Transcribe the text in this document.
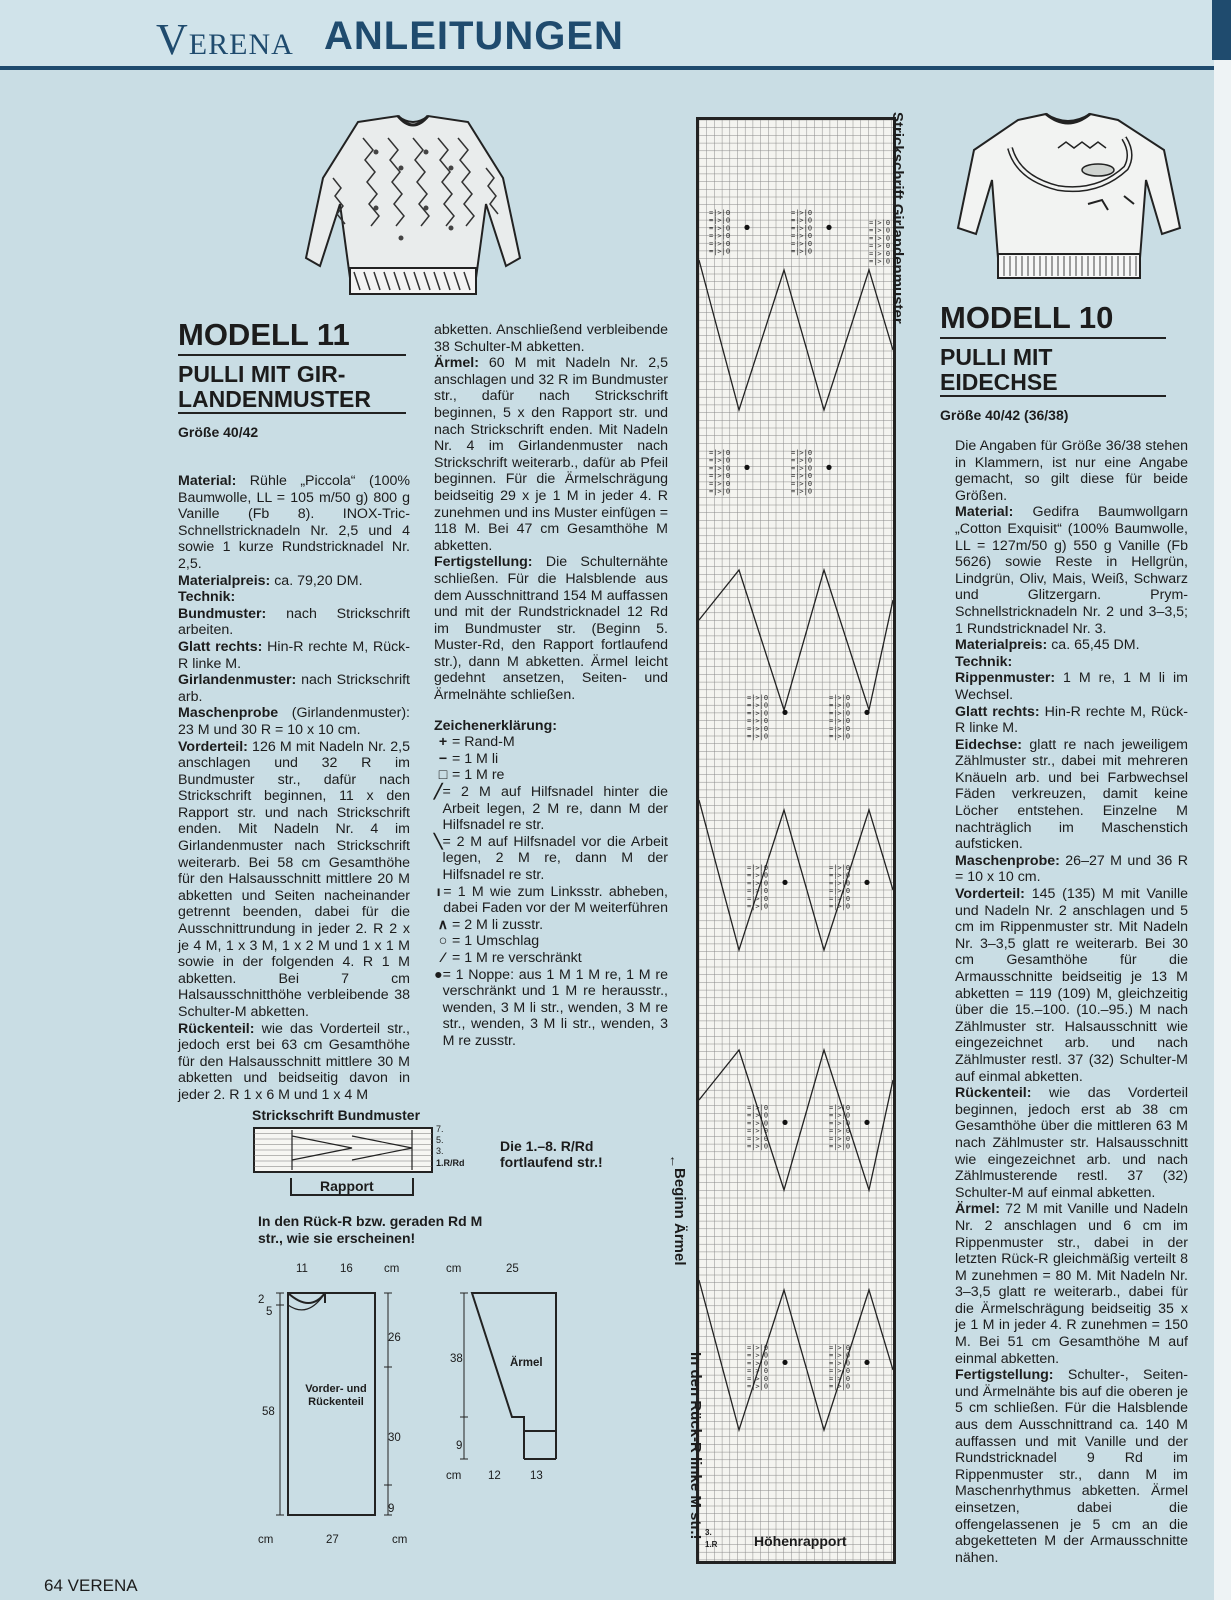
VERENA ANLEITUNGEN
MODELL 11
PULLI MIT GIR-
LANDENMUSTER
Größe 40/42

Material: Rühle „Piccola“ (100% Baumwolle, LL = 105 m/50 g) 800 g Vanille (Fb 8). INOX-Tric-Schnellstricknadeln Nr. 2,5 und 4 sowie 1 kurze Rundstricknadel Nr. 2,5.

Materialpreis: ca. 79,20 DM.

Technik:

Bundmuster: nach Strickschrift arbeiten.

Glatt rechts: Hin-R rechte M, Rück-R linke M.

Girlandenmuster: nach Strickschrift arb.

Maschenprobe (Girlandenmuster): 23 M und 30 R = 10 x 10 cm.

Vorderteil: 126 M mit Nadeln Nr. 2,5 anschlagen und 32 R im Bundmuster str., dafür nach Strickschrift beginnen, 11 x den Rapport str. und nach Strickschrift enden. Mit Nadeln Nr. 4 im Girlandenmuster nach Strickschrift weiterarb. Bei 58 cm Gesamthöhe für den Halsausschnitt mittlere 20 M abketten und Seiten nacheinander getrennt beenden, dabei für die Ausschnittrundung in jeder 2. R 2 x je 4 M, 1 x 3 M, 1 x 2 M und 1 x 1 M sowie in der folgenden 4. R 1 M abketten. Bei 7 cm Halsausschnitthöhe verbleibende 38 Schulter-M abketten.

Rückenteil: wie das Vorderteil str., jedoch erst bei 63 cm Gesamthöhe für den Halsausschnitt mittlere 30 M abketten und beidseitig davon in jeder 2. R 1 x 6 M und 1 x 4 M

abketten. Anschließend verbleibende 38 Schulter-M abketten.

Ärmel: 60 M mit Nadeln Nr. 2,5 anschlagen und 32 R im Bundmuster str., dafür nach Strickschrift beginnen, 5 x den Rapport str. und nach Strickschrift enden. Mit Nadeln Nr. 4 im Girlandenmuster nach Strickschrift weiterarb., dafür ab Pfeil beginnen. Für die Ärmelschrägung beidseitig 29 x je 1 M in jeder 4. R zunehmen und ins Muster einfügen = 118 M. Bei 47 cm Gesamthöhe M abketten.

Fertigstellung: Die Schulternähte schließen. Für die Halsblende aus dem Ausschnittrand 154 M auffassen und mit der Rundstricknadel 12 Rd im Bundmuster str. (Beginn 5. Muster-Rd, den Rapport fortlaufend str.), dann M abketten. Ärmel leicht gedehnt ansetzen, Seiten- und Ärmelnähte schließen.

Zeichenerklärung:

+ = Rand-M
− = 1 M li
□ = 1 M re
╱ = 2 M auf Hilfsnadel hinter die Arbeit legen, 2 M re, dann M der Hilfsnadel re str.
╲ = 2 M auf Hilfsnadel vor die Arbeit legen, 2 M re, dann M der Hilfsnadel re str.
ı = 1 M wie zum Linksstr. abheben, dabei Faden vor der M weiterführen
∧ = 2 M li zusstr.
○ = 1 Umschlag
⁄ = 1 M re verschränkt
● = 1 Noppe: aus 1 M 1 M re, 1 M re verschränkt und 1 M re herausstr., wenden, 3 M li str., wenden, 3 M re str., wenden, 3 M li str., wenden, 3 M re zusstr.
Strickschrift Bundmuster
7.
5.
3.
1.R/Rd
Rapport
Die 1.–8. R/Rd fortlaufend str.!
In den Rück-R bzw. geraden Rd M str., wie sie erscheinen!
11	16	cm
2
5
58
26
30
9
Vorder- und Rückenteil
cm	27	cm
cm	25
38
9
Ärmel
cm 12	13
=|>|0
=|>|0
=|>|0
=|>|0
=|>|0
=|>|0
=|>|0
=|>|0
=|>|0
=|>|0
=|>|0
=|>|0
=|>|0
=|>|0
=|>|0
=|>|0
=|>|0
=|>|0
=|>|0
=|>|0
=|>|0
=|>|0
=|>|0
=|>|0
=|>|0
=|>|0
=|>|0
=|>|0
=|>|0
=|>|0
=|>|0
=|>|0
=|>|0
=|>|0
=|>|0
=|>|0
=|>|0
=|>|0
=|>|0
=|>|0
=|>|0
=|>|0
=|>|0
=|>|0
=|>|0
=|>|0
=|>|0
=|>|0
=|>|0
=|>|0
=|>|0
=|>|0
=|>|0
=|>|0
=|>|0
=|>|0
=|>|0
=|>|0
=|>|0
=|>|0
=|>|0
=|>|0
=|>|0
=|>|0
=|>|0
=|>|0
=|>|0
=|>|0
=|>|0
=|>|0
=|>|0
=|>|0
=|>|0
=|>|0
=|>|0
=|>|0
=|>|0
=|>|0
Strickschrift Girlandenmuster
Beginn Ärmel
↑
In den Rück-R linke M str.!
Höhenrapport
3.
1.R
MODELL 10
PULLI MIT
EIDECHSE
Größe 40/42 (36/38)

Die Angaben für Größe 36/38 stehen in Klammern, ist nur eine Angabe gemacht, so gilt diese für beide Größen.

Material: Gedifra Baumwollgarn „Cotton Exquisit“ (100% Baumwolle, LL = 127m/50 g) 550 g Vanille (Fb 5626) sowie Reste in Hellgrün, Lindgrün, Oliv, Mais, Weiß, Schwarz und Glitzergarn. Prym-Schnellstricknadeln Nr. 2 und 3–3,5; 1 Rundstricknadel Nr. 3.

Materialpreis: ca. 65,45 DM.

Technik:

Rippenmuster: 1 M re, 1 M li im Wechsel.

Glatt rechts: Hin-R rechte M, Rück-R linke M.

Eidechse: glatt re nach jeweiligem Zählmuster str., dabei mit mehreren Knäueln arb. und bei Farbwechsel Fäden verkreuzen, damit keine Löcher entstehen. Einzelne M nachträglich im Maschenstich aufsticken.

Maschenprobe: 26–27 M und 36 R = 10 x 10 cm.

Vorderteil: 145 (135) M mit Vanille und Nadeln Nr. 2 anschlagen und 5 cm im Rippenmuster str. Mit Nadeln Nr. 3–3,5 glatt re weiterarb. Bei 30 cm Gesamthöhe für die Armausschnitte beidseitig je 13 M abketten = 119 (109) M, gleichzeitig über die 15.–100. (10.–95.) M nach Zählmuster str. Halsausschnitt wie eingezeichnet arb. und nach Zählmuster restl. 37 (32) Schulter-M auf einmal abketten.

Rückenteil: wie das Vorderteil beginnen, jedoch erst ab 38 cm Gesamthöhe über die mittleren 63 M nach Zählmuster str. Halsausschnitt wie eingezeichnet arb. und nach Zählmusterende restl. 37 (32) Schulter-M auf einmal abketten.

Ärmel: 72 M mit Vanille und Nadeln Nr. 2 anschlagen und 6 cm im Rippenmuster str., dabei in der letzten Rück-R gleichmäßig verteilt 8 M zunehmen = 80 M. Mit Nadeln Nr. 3–3,5 glatt re weiterarb., dabei für die Ärmelschrägung beidseitig 35 x je 1 M in jeder 4. R zunehmen = 150 M. Bei 51 cm Gesamthöhe M auf einmal abketten.

Fertigstellung: Schulter-, Seiten- und Ärmelnähte bis auf die oberen je 5 cm schließen. Für die Halsblende aus dem Ausschnittrand ca. 140 M auffassen und mit Vanille und der Rundstricknadel 9 Rd im Rippenmuster str., dann M im Maschenrhythmus abketten. Ärmel einsetzen, dabei die offengelassenen je 5 cm an die abgeketteten M der Armausschnitte nähen.

64 VERENA
